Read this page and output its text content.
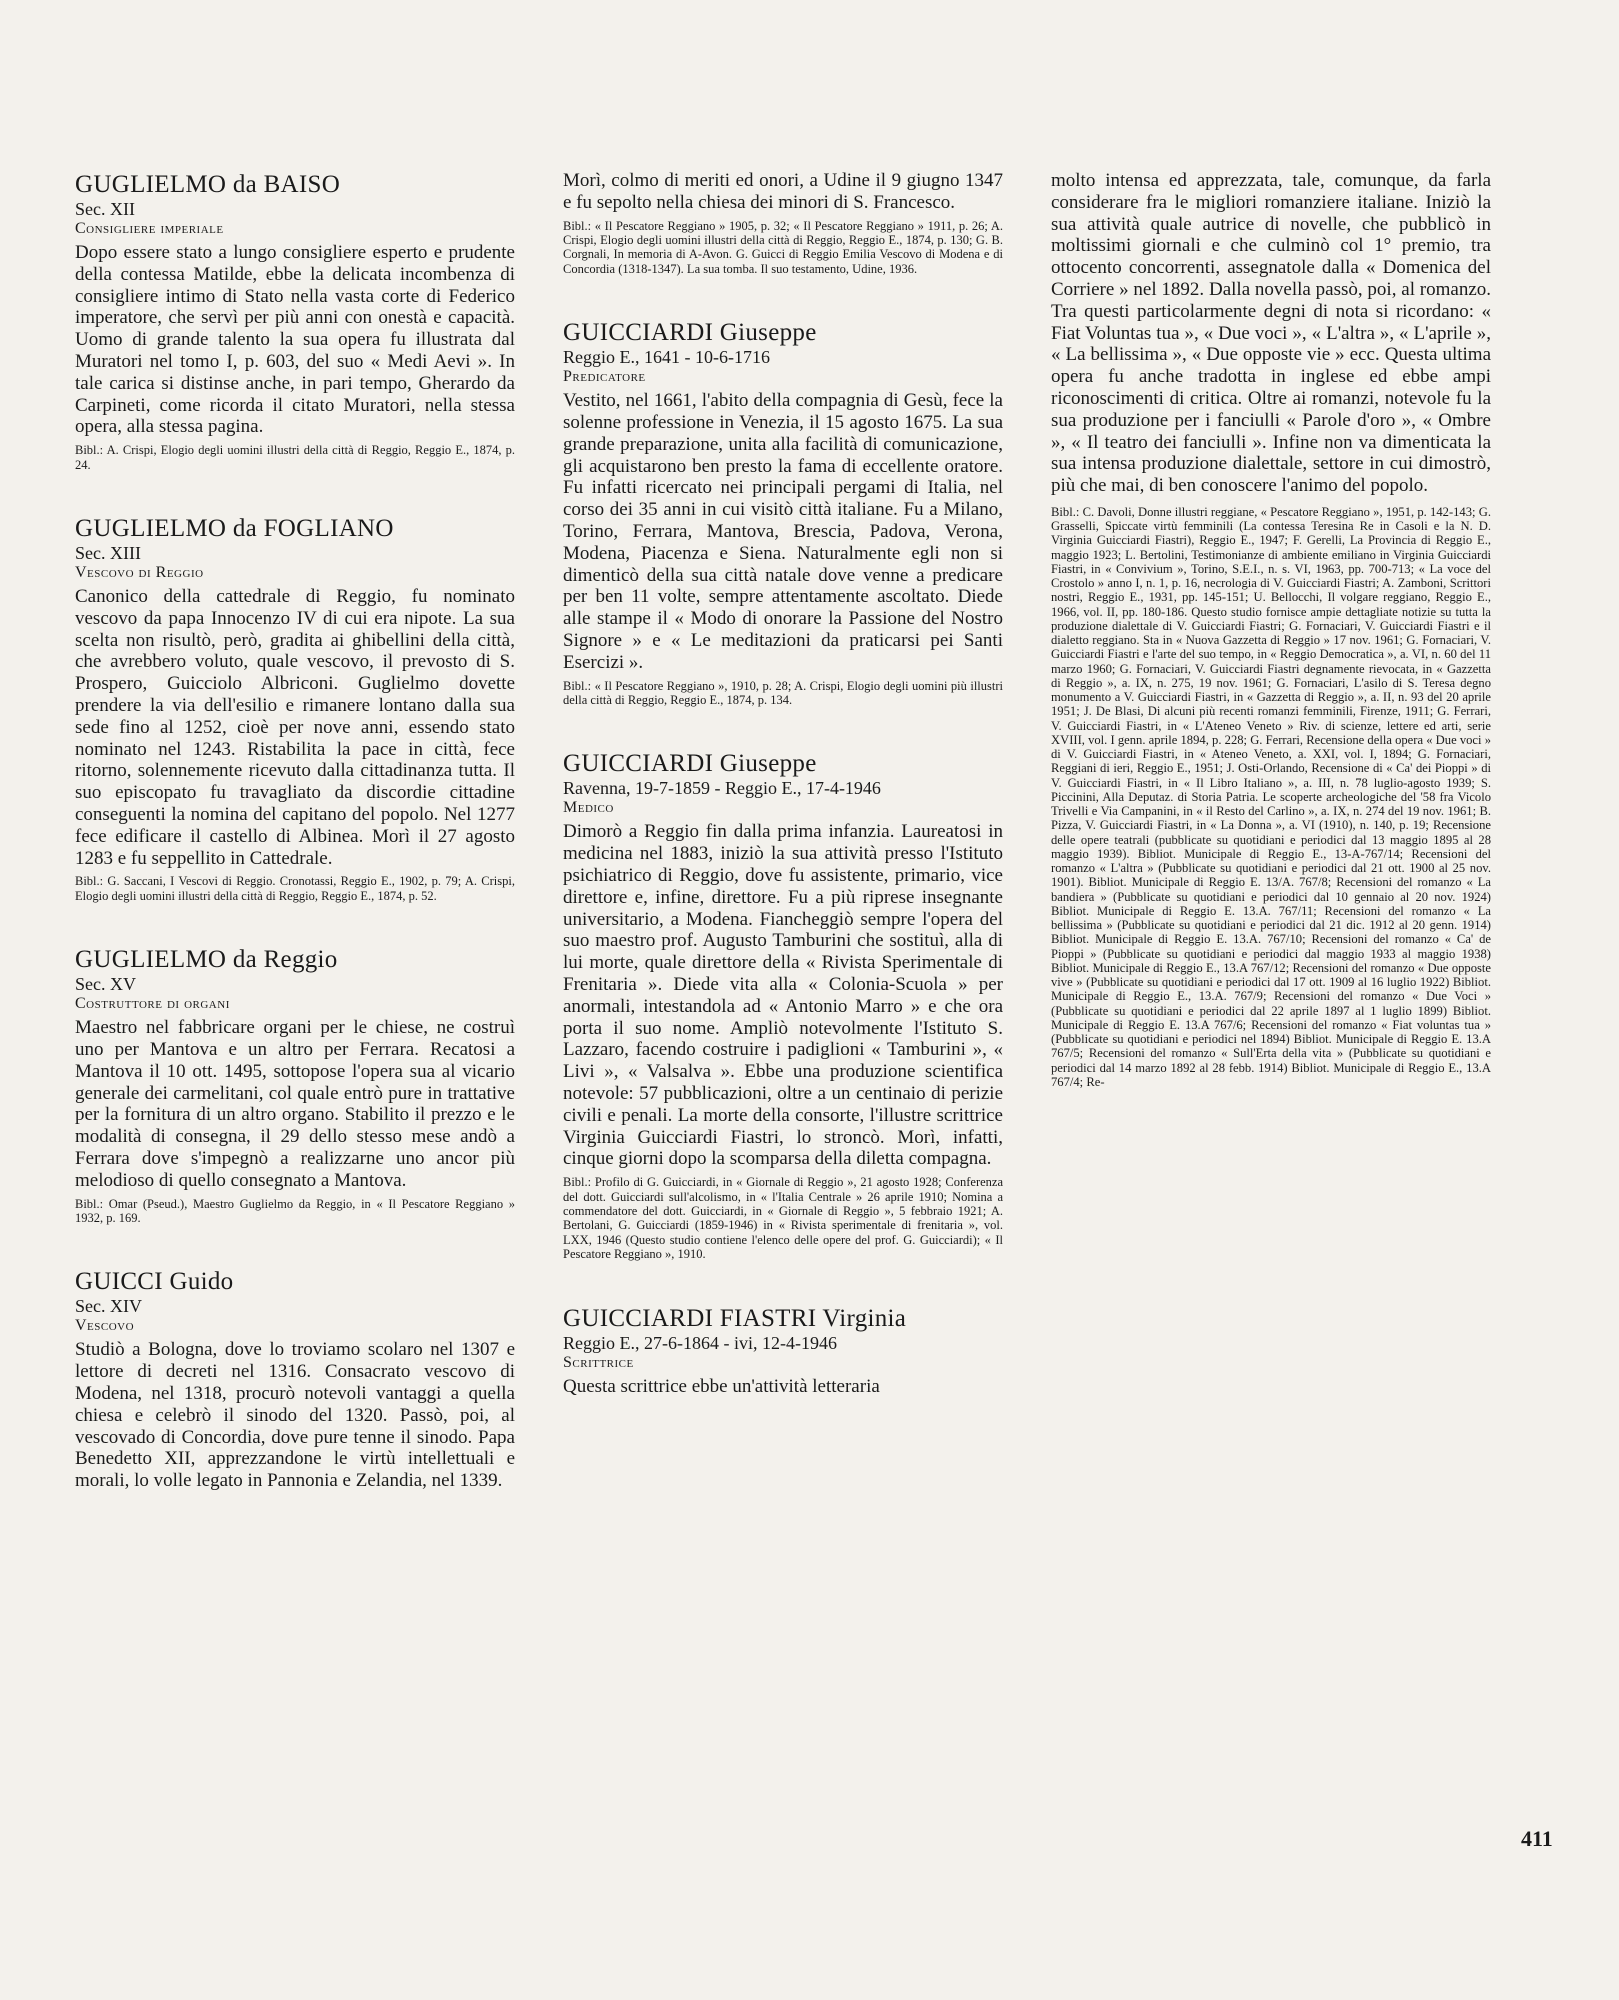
GUGLIELMO da BAISO
Sec. XII
Consigliere imperiale
Dopo essere stato a lungo consigliere esperto e prudente della contessa Matilde, ebbe la delicata incombenza di consigliere intimo di Stato nella vasta corte di Federico imperatore, che servì per più anni con onestà e capacità. Uomo di grande talento la sua opera fu illustrata dal Muratori nel tomo I, p. 603, del suo « Medi Aevi ». In tale carica si distinse anche, in pari tempo, Gherardo da Carpineti, come ricorda il citato Muratori, nella stessa opera, alla stessa pagina.
Bibl.: A. Crispi, Elogio degli uomini illustri della città di Reggio, Reggio E., 1874, p. 24.
GUGLIELMO da FOGLIANO
Sec. XIII
Vescovo di Reggio
Canonico della cattedrale di Reggio, fu nominato vescovo da papa Innocenzo IV di cui era nipote. La sua scelta non risultò, però, gradita ai ghibellini della città, che avrebbero voluto, quale vescovo, il prevosto di S. Prospero, Guicciolo Albriconi. Guglielmo dovette prendere la via dell'esilio e rimanere lontano dalla sua sede fino al 1252, cioè per nove anni, essendo stato nominato nel 1243. Ristabilita la pace in città, fece ritorno, solennemente ricevuto dalla cittadinanza tutta. Il suo episcopato fu travagliato da discordie cittadine conseguenti la nomina del capitano del popolo. Nel 1277 fece edificare il castello di Albinea. Morì il 27 agosto 1283 e fu seppellito in Cattedrale.
Bibl.: G. Saccani, I Vescovi di Reggio. Cronotassi, Reggio E., 1902, p. 79; A. Crispi, Elogio degli uomini illustri della città di Reggio, Reggio E., 1874, p. 52.
GUGLIELMO da Reggio
Sec. XV
Costruttore di organi
Maestro nel fabbricare organi per le chiese, ne costruì uno per Mantova e un altro per Ferrara. Recatosi a Mantova il 10 ott. 1495, sottopose l'opera sua al vicario generale dei carmelitani, col quale entrò pure in trattative per la fornitura di un altro organo. Stabilito il prezzo e le modalità di consegna, il 29 dello stesso mese andò a Ferrara dove s'impegnò a realizzarne uno ancor più melodioso di quello consegnato a Mantova.
Bibl.: Omar (Pseud.), Maestro Guglielmo da Reggio, in « Il Pescatore Reggiano » 1932, p. 169.
GUICCI Guido
Sec. XIV
Vescovo
Studiò a Bologna, dove lo troviamo scolaro nel 1307 e lettore di decreti nel 1316. Consacrato vescovo di Modena, nel 1318, procurò notevoli vantaggi a quella chiesa e celebrò il sinodo del 1320. Passò, poi, al vescovado di Concordia, dove pure tenne il sinodo. Papa Benedetto XII, apprezzandone le virtù intellettuali e morali, lo volle legato in Pannonia e Zelandia, nel 1339.
Morì, colmo di meriti ed onori, a Udine il 9 giugno 1347 e fu sepolto nella chiesa dei minori di S. Francesco.
Bibl.: « Il Pescatore Reggiano » 1905, p. 32; « Il Pescatore Reggiano » 1911, p. 26; A. Crispi, Elogio degli uomini illustri della città di Reggio, Reggio E., 1874, p. 130; G. B. Corgnali, In memoria di A-Avon. G. Guicci di Reggio Emilia Vescovo di Modena e di Concordia (1318-1347). La sua tomba. Il suo testamento, Udine, 1936.
GUICCIARDI Giuseppe
Reggio E., 1641 - 10-6-1716
Predicatore
Vestito, nel 1661, l'abito della compagnia di Gesù, fece la solenne professione in Venezia, il 15 agosto 1675. La sua grande preparazione, unita alla facilità di comunicazione, gli acquistarono ben presto la fama di eccellente oratore. Fu infatti ricercato nei principali pergami di Italia, nel corso dei 35 anni in cui visitò città italiane. Fu a Milano, Torino, Ferrara, Mantova, Brescia, Padova, Verona, Modena, Piacenza e Siena. Naturalmente egli non si dimenticò della sua città natale dove venne a predicare per ben 11 volte, sempre attentamente ascoltato. Diede alle stampe il « Modo di onorare la Passione del Nostro Signore » e « Le meditazioni da praticarsi pei Santi Esercizi ».
Bibl.: « Il Pescatore Reggiano », 1910, p. 28; A. Crispi, Elogio degli uomini più illustri della città di Reggio, Reggio E., 1874, p. 134.
GUICCIARDI Giuseppe
Ravenna, 19-7-1859 - Reggio E., 17-4-1946
Medico
Dimorò a Reggio fin dalla prima infanzia. Laureatosi in medicina nel 1883, iniziò la sua attività presso l'Istituto psichiatrico di Reggio, dove fu assistente, primario, vice direttore e, infine, direttore. Fu a più riprese insegnante universitario, a Modena. Fiancheggiò sempre l'opera del suo maestro prof. Augusto Tamburini che sostituì, alla di lui morte, quale direttore della « Rivista Sperimentale di Frenitaria ». Diede vita alla « Colonia-Scuola » per anormali, intestandola ad « Antonio Marro » e che ora porta il suo nome. Ampliò notevolmente l'Istituto S. Lazzaro, facendo costruire i padiglioni « Tamburini », « Livi », « Valsalva ». Ebbe una produzione scientifica notevole: 57 pubblicazioni, oltre a un centinaio di perizie civili e penali. La morte della consorte, l'illustre scrittrice Virginia Guicciardi Fiastri, lo stroncò. Morì, infatti, cinque giorni dopo la scomparsa della diletta compagna.
Bibl.: Profilo di G. Guicciardi, in « Giornale di Reggio », 21 agosto 1928; Conferenza del dott. Guicciardi sull'alcolismo, in « l'Italia Centrale » 26 aprile 1910; Nomina a commendatore del dott. Guicciardi, in « Giornale di Reggio », 5 febbraio 1921; A. Bertolani, G. Guicciardi (1859-1946) in « Rivista sperimentale di frenitaria », vol. LXX, 1946 (Questo studio contiene l'elenco delle opere del prof. G. Guicciardi); « Il Pescatore Reggiano », 1910.
GUICCIARDI FIASTRI Virginia
Reggio E., 27-6-1864 - ivi, 12-4-1946
Scrittrice
Questa scrittrice ebbe un'attività letteraria
molto intensa ed apprezzata, tale, comunque, da farla considerare fra le migliori romanziere italiane. Iniziò la sua attività quale autrice di novelle, che pubblicò in moltissimi giornali e che culminò col 1° premio, tra ottocento concorrenti, assegnatole dalla « Domenica del Corriere » nel 1892. Dalla novella passò, poi, al romanzo. Tra questi particolarmente degni di nota si ricordano: « Fiat Voluntas tua », « Due voci », « L'altra », « L'aprile », « La bellissima », « Due opposte vie » ecc. Questa ultima opera fu anche tradotta in inglese ed ebbe ampi riconoscimenti di critica. Oltre ai romanzi, notevole fu la sua produzione per i fanciulli « Parole d'oro », « Ombre », « Il teatro dei fanciulli ». Infine non va dimenticata la sua intensa produzione dialettale, settore in cui dimostrò, più che mai, di ben conoscere l'animo del popolo.
Bibl.: C. Davoli, Donne illustri reggiane, « Pescatore Reggiano », 1951, p. 142-143; G. Grasselli, Spiccate virtù femminili (La contessa Teresina Re in Casoli e la N. D. Virginia Guicciardi Fiastri), Reggio E., 1947; F. Gerelli, La Provincia di Reggio E., maggio 1923; L. Bertolini, Testimonianze di ambiente emiliano in Virginia Guicciardi Fiastri, in « Convivium », Torino, S.E.I., n. s. VI, 1963, pp. 700-713; « La voce del Crostolo » anno I, n. 1, p. 16, necrologia di V. Guicciardi Fiastri; A. Zamboni, Scrittori nostri, Reggio E., 1931, pp. 145-151; U. Bellocchi, Il volgare reggiano, Reggio E., 1966, vol. II, pp. 180-186. Questo studio fornisce ampie dettagliate notizie su tutta la produzione dialettale di V. Guicciardi Fiastri; G. Fornaciari, V. Guicciardi Fiastri e il dialetto reggiano. Sta in « Nuova Gazzetta di Reggio » 17 nov. 1961; G. Fornaciari, V. Guicciardi Fiastri e l'arte del suo tempo, in « Reggio Democratica », a. VI, n. 60 del 11 marzo 1960; G. Fornaciari, V. Guicciardi Fiastri degnamente rievocata, in « Gazzetta di Reggio », a. IX, n. 275, 19 nov. 1961; G. Fornaciari, L'asilo di S. Teresa degno monumento a V. Guicciardi Fiastri, in « Gazzetta di Reggio », a. II, n. 93 del 20 aprile 1951; J. De Blasi, Di alcuni più recenti romanzi femminili, Firenze, 1911; G. Ferrari, V. Guicciardi Fiastri, in « L'Ateneo Veneto » Riv. di scienze, lettere ed arti, serie XVIII, vol. I genn. aprile 1894, p. 228; G. Ferrari, Recensione della opera « Due voci » di V. Guicciardi Fiastri, in « Ateneo Veneto, a. XXI, vol. I, 1894; G. Fornaciari, Reggiani di ieri, Reggio E., 1951; J. Osti-Orlando, Recensione di « Ca' dei Pioppi » di V. Guicciardi Fiastri, in « Il Libro Italiano », a. III, n. 78 luglio-agosto 1939; S. Piccinini, Alla Deputaz. di Storia Patria. Le scoperte archeologiche del '58 fra Vicolo Trivelli e Via Campanini, in « il Resto del Carlino », a. IX, n. 274 del 19 nov. 1961; B. Pizza, V. Guicciardi Fiastri, in « La Donna », a. VI (1910), n. 140, p. 19; Recensione delle opere teatrali (pubblicate su quotidiani e periodici dal 13 maggio 1895 al 28 maggio 1939). Bibliot. Municipale di Reggio E., 13-A-767/14; Recensioni del romanzo « L'altra » (Pubblicate su quotidiani e periodici dal 21 ott. 1900 al 25 nov. 1901). Bibliot. Municipale di Reggio E. 13/A. 767/8; Recensioni del romanzo « La bandiera » (Pubblicate su quotidiani e periodici dal 10 gennaio al 20 nov. 1924) Bibliot. Municipale di Reggio E. 13.A. 767/11; Recensioni del romanzo « La bellissima » (Pubblicate su quotidiani e periodici dal 21 dic. 1912 al 20 genn. 1914) Bibliot. Municipale di Reggio E. 13.A. 767/10; Recensioni del romanzo « Ca' de Pioppi » (Pubblicate su quotidiani e periodici dal maggio 1933 al maggio 1938) Bibliot. Municipale di Reggio E., 13.A 767/12; Recensioni del romanzo « Due opposte vive » (Pubblicate su quotidiani e periodici dal 17 ott. 1909 al 16 luglio 1922) Bibliot. Municipale di Reggio E., 13.A. 767/9; Recensioni del romanzo « Due Voci » (Pubblicate su quotidiani e periodici dal 22 aprile 1897 al 1 luglio 1899) Bibliot. Municipale di Reggio E. 13.A 767/6; Recensioni del romanzo « Fiat voluntas tua » (Pubblicate su quotidiani e periodici nel 1894) Bibliot. Municipale di Reggio E. 13.A 767/5; Recensioni del romanzo « Sull'Erta della vita » (Pubblicate su quotidiani e periodici dal 14 marzo 1892 al 28 febb. 1914) Bibliot. Municipale di Reggio E., 13.A 767/4; Re-
411
